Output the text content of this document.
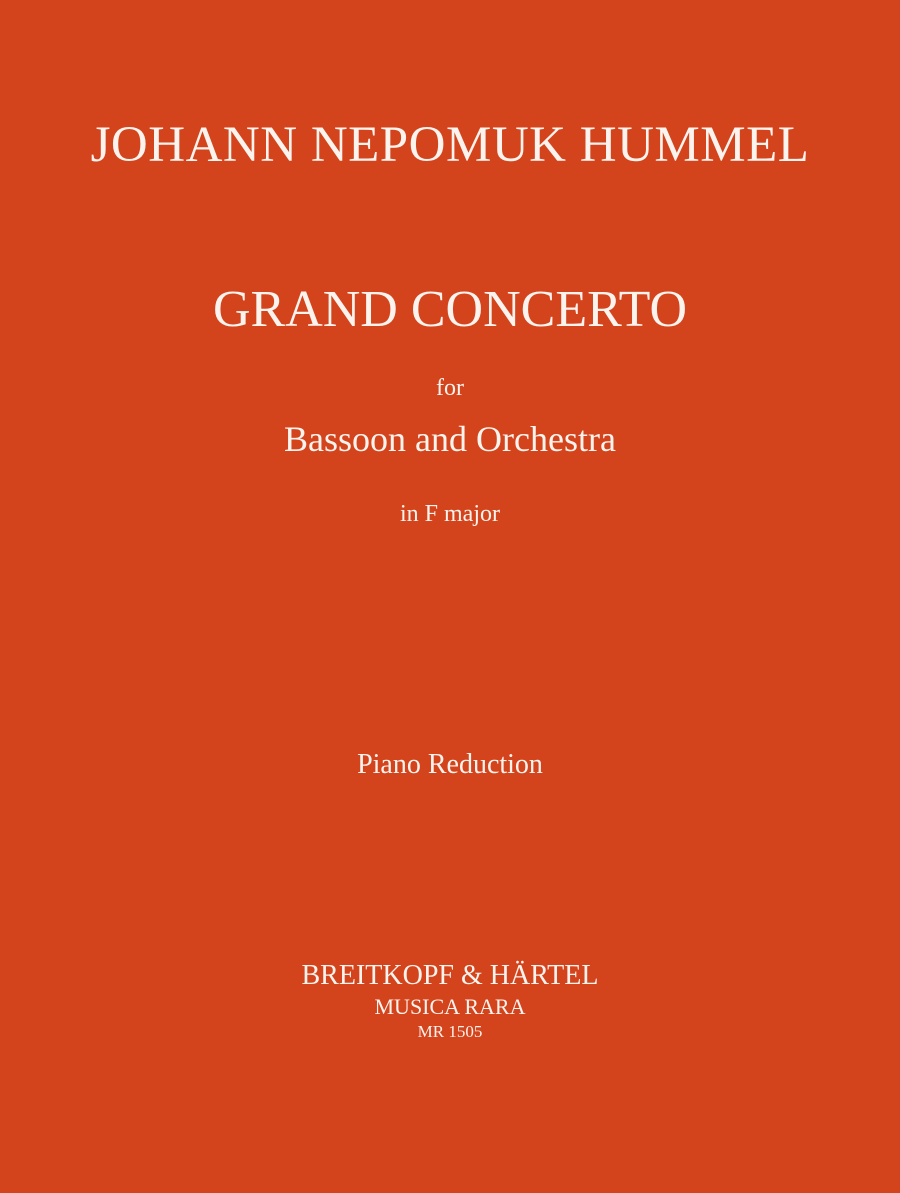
JOHANN NEPOMUK HUMMEL
GRAND CONCERTO
for
Bassoon and Orchestra
in F major
Piano Reduction
BREITKOPF & HÄRTEL
MUSICA RARA
MR 1505
